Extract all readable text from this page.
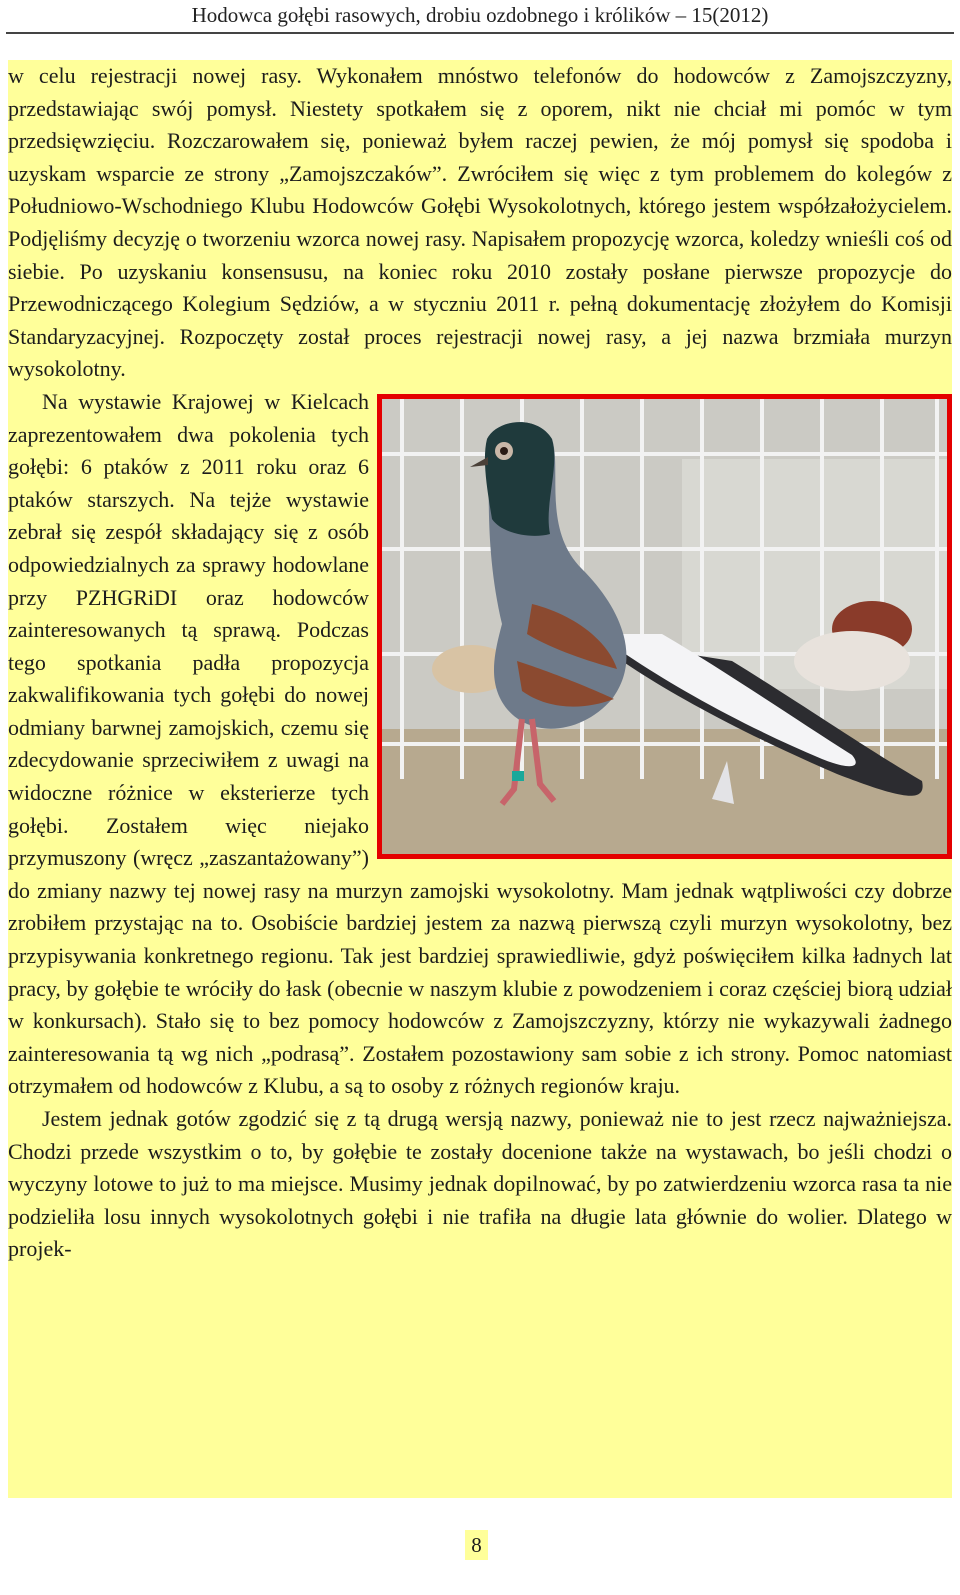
Hodowca gołębi rasowych, drobiu ozdobnego i królików – 15(2012)

w celu rejestracji nowej rasy. Wykonałem mnóstwo telefonów do hodowców z Zamojszczyzny, przedstawiając swój pomysł. Niestety spotkałem się z oporem, nikt nie chciał mi pomóc w tym przedsięwzięciu. Rozczarowałem się, ponieważ byłem raczej pewien, że mój pomysł się spodoba i uzyskam wsparcie ze strony „Zamojszczaków”. Zwróciłem się więc z tym problemem do kolegów z Południowo-Wschodniego Klubu Hodowców Gołębi Wysokolotnych, którego jestem współzałożycielem. Podjęliśmy decyzję o tworzeniu wzorca nowej rasy. Napisałem propozycję wzorca, koledzy wnieśli coś od siebie. Po uzyskaniu konsensusu, na koniec roku 2010 zostały posłane pierwsze propozycje do Przewodniczącego Kolegium Sędziów, a w styczniu 2011 r. pełną dokumentację złożyłem do Komisji Standaryzacyjnej. Rozpoczęty został proces rejestracji nowej rasy, a jej nazwa brzmiała murzyn wysokolotny.

Na wystawie Krajowej w Kielcach zaprezentowałem dwa pokolenia tych gołębi: 6 ptaków z 2011 roku oraz 6 ptaków starszych. Na tejże wystawie zebrał się zespół składający się z osób odpowiedzialnych za sprawy hodowlane przy PZHGRiDI oraz hodowców zainteresowanych tą sprawą. Podczas tego spotkania padła propozycja zakwalifikowania tych gołębi do nowej odmiany barwnej zamojskich, czemu się zdecydowanie sprzeciwiłem z uwagi na widoczne różnice w eksterierze tych gołębi. Zostałem więc niejako przymuszony (wręcz „zaszantażowany”) do zmiany nazwy tej nowej rasy na murzyn zamojski wysokolotny. Mam jednak wątpliwości czy dobrze zrobiłem przystając na to. Osobiście bardziej jestem za nazwą pierwszą czyli murzyn wysokolotny, bez przypisywania konkretnego regionu. Tak jest bardziej sprawiedliwie, gdyż poświęciłem kilka ładnych lat pracy, by gołębie te wróciły do łask (obecnie w naszym klubie z powodzeniem i coraz częściej biorą udział w konkursach). Stało się to bez pomocy hodowców z Zamojszczyzny, którzy nie wykazywali żadnego zainteresowania tą wg nich „podrasą”. Zostałem pozostawiony sam sobie z ich strony. Pomoc natomiast otrzymałem od hodowców z Klubu, a są to osoby z różnych regionów kraju.

Jestem jednak gotów zgodzić się z tą drugą wersją nazwy, ponieważ nie to jest rzecz najważniejsza. Chodzi przede wszystkim o to, by gołębie te zostały docenione także na wystawach, bo jeśli chodzi o wyczyny lotowe to już to ma miejsce. Musimy jednak dopilnować, by po zatwierdzeniu wzorca rasa ta nie podzieliła losu innych wysokolotnych gołębi i nie trafiła na długie lata głównie do wolier. Dlatego w projek-

8
